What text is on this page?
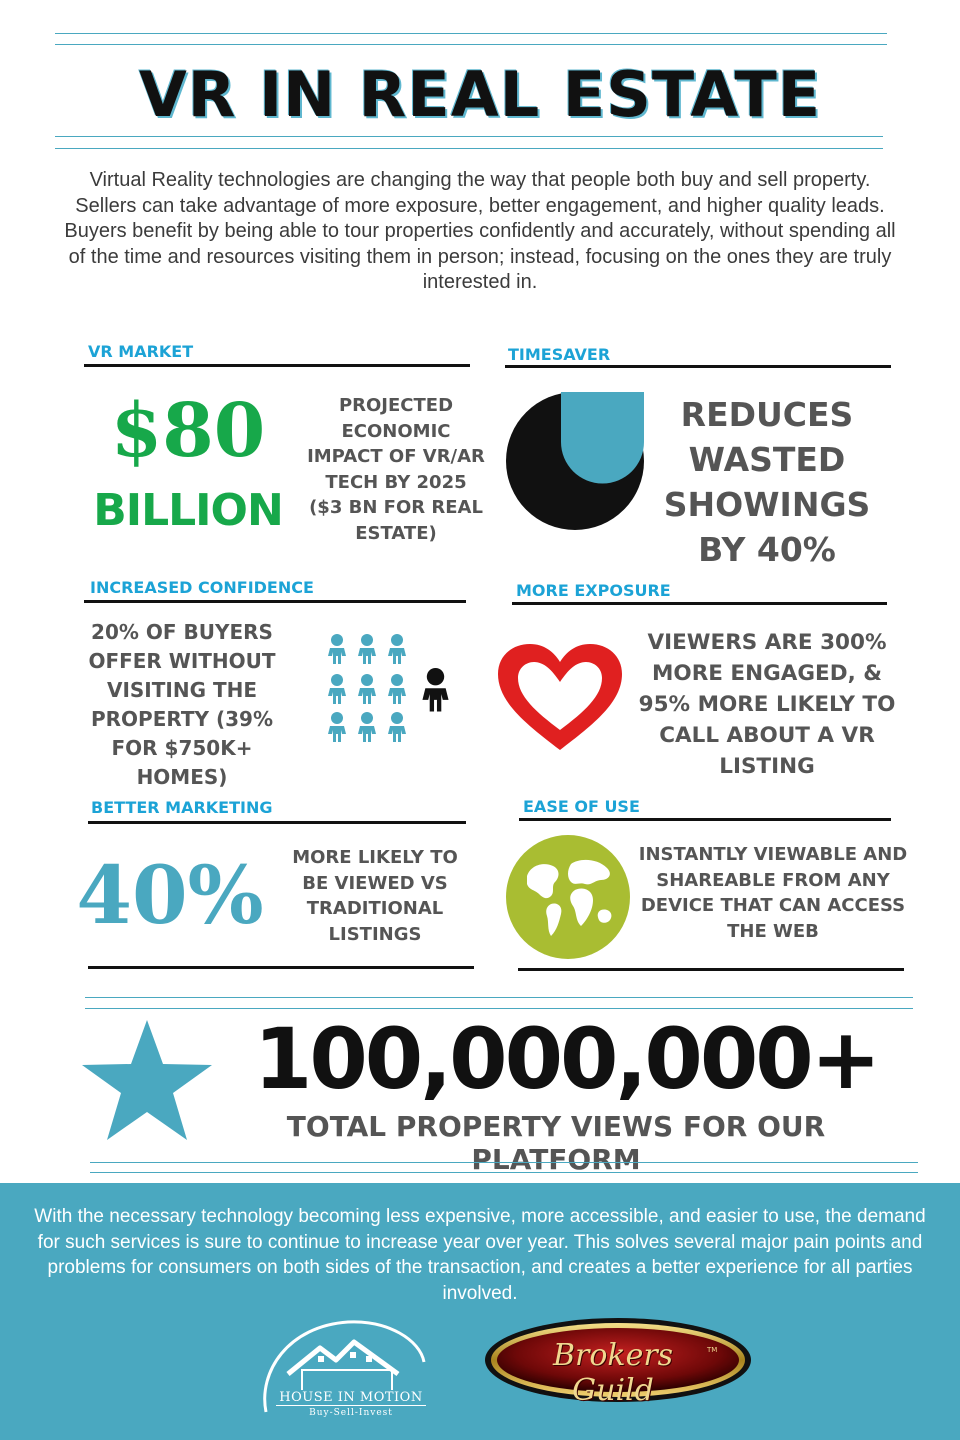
VR IN REAL ESTATE
Virtual Reality technologies are changing the way that people both buy and sell property. Sellers can take advantage of more exposure, better engagement, and higher quality leads. Buyers benefit by being able to tour properties confidently and accurately, without spending all of the time and resources visiting them in person; instead, focusing on the ones they are truly interested in.
VR MARKET
$80
BILLION
PROJECTED ECONOMIC IMPACT OF VR/AR TECH BY 2025 ($3 BN FOR REAL ESTATE)
TIMESAVER
REDUCES WASTED SHOWINGS BY 40%
INCREASED CONFIDENCE
20% OF BUYERS OFFER WITHOUT VISITING THE PROPERTY (39% FOR $750K+ HOMES)
MORE EXPOSURE
VIEWERS ARE 300% MORE ENGAGED, & 95% MORE LIKELY TO CALL ABOUT A VR LISTING
BETTER MARKETING
40%	MORE LIKELY TO BE VIEWED VS TRADITIONAL LISTINGS
EASE OF USE
INSTANTLY VIEWABLE AND SHAREABLE FROM ANY DEVICE THAT CAN ACCESS THE WEB
100,000,000+
TOTAL PROPERTY VIEWS FOR OUR PLATFORM
With the necessary technology becoming less expensive, more accessible, and easier to use, the demand for such services is sure to continue to increase year over year. This solves several major pain points and problems for consumers on both sides of the transaction, and creates a better experience for all parties involved.
HOUSE IN MOTION
Buy-Sell-Invest
Brokers Guild
TM
